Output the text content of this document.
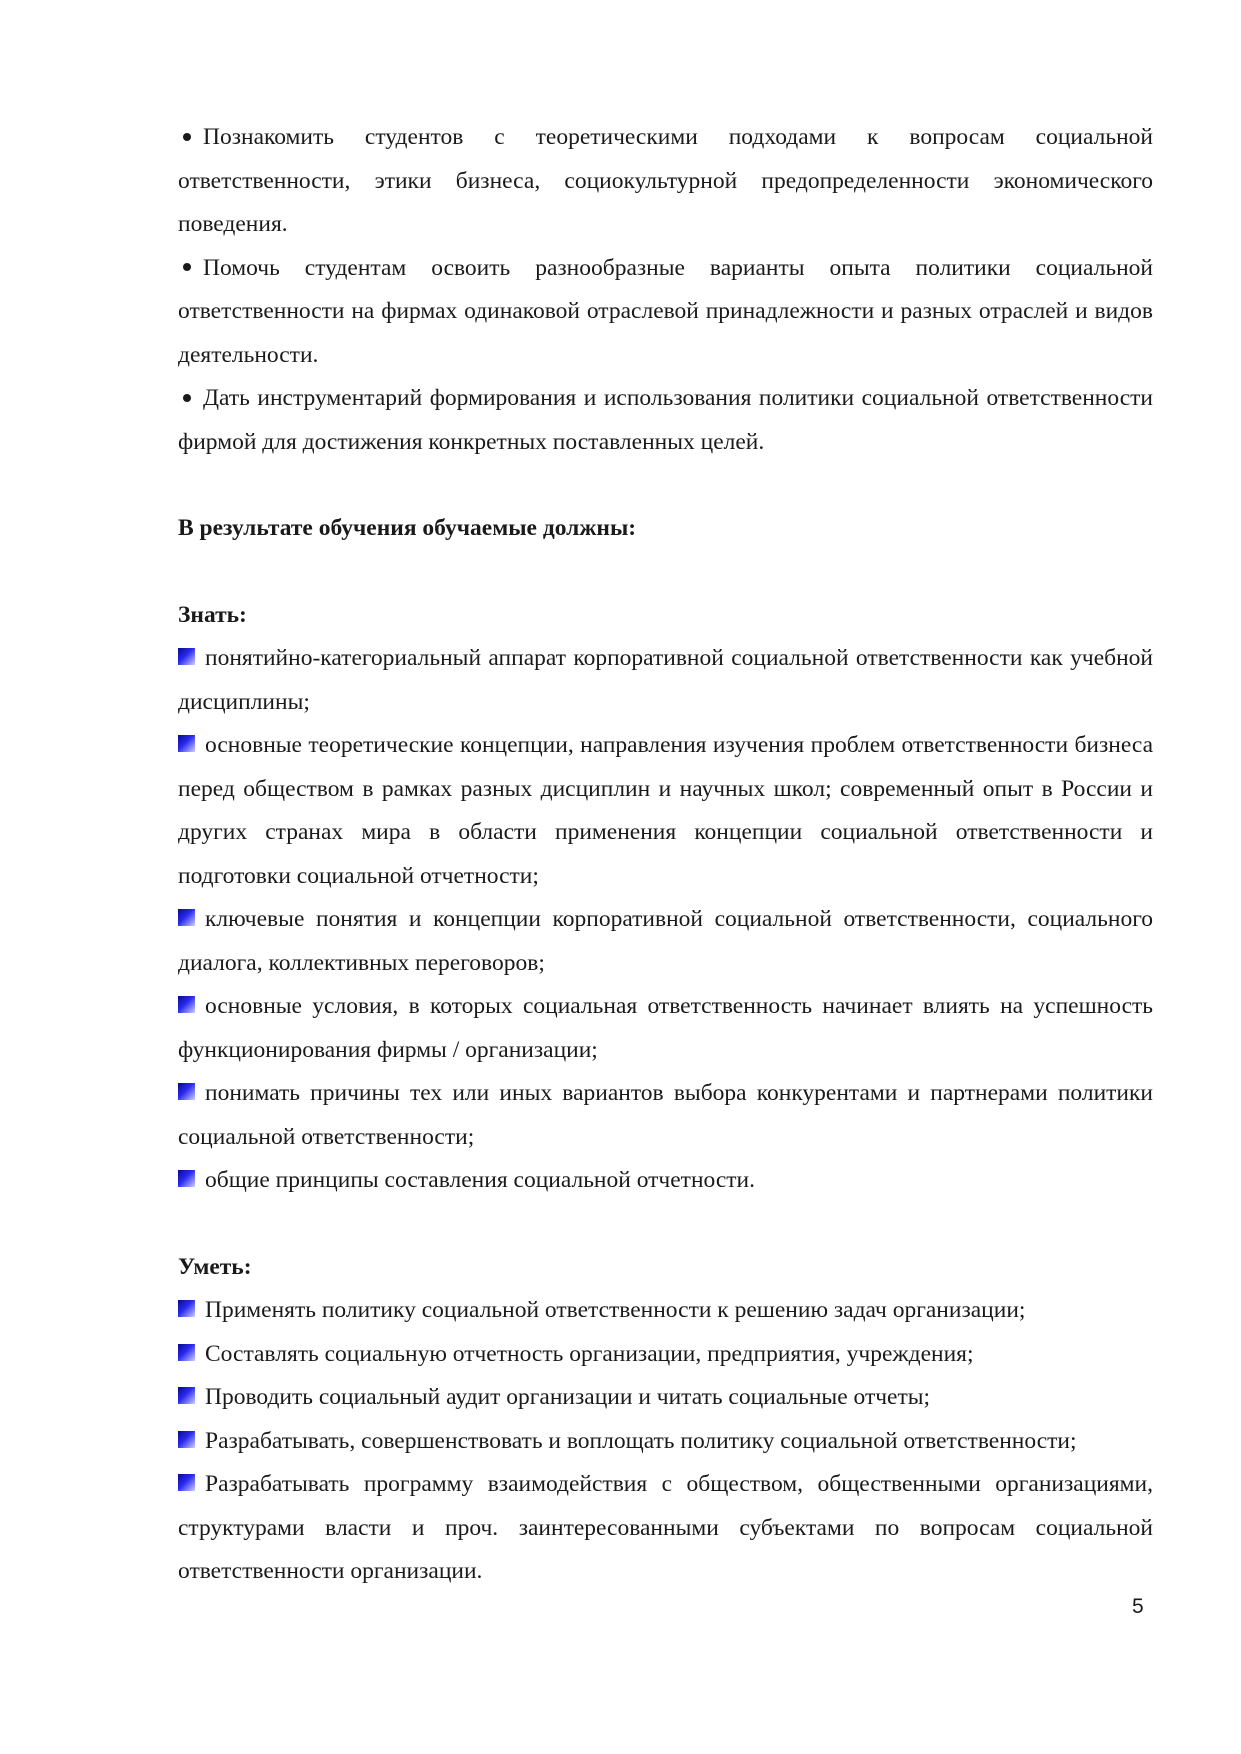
Познакомить студентов с теоретическими подходами к вопросам социальной ответственности, этики бизнеса, социокультурной предопределенности экономического поведения.

Помочь студентам освоить разнообразные варианты опыта политики социальной ответственности на фирмах одинаковой отраслевой принадлежности и разных отраслей и видов деятельности.

Дать инструментарий формирования и использования политики социальной ответственности фирмой для достижения конкретных поставленных целей.

В результате обучения обучаемые должны:

Знать:

понятийно-категориальный аппарат корпоративной социальной ответственности как учебной дисциплины;

основные теоретические концепции, направления изучения проблем ответственности бизнеса перед обществом в рамках разных дисциплин и научных школ; современный опыт в России и других странах мира в области применения концепции социальной ответственности и подготовки социальной отчетности;

ключевые понятия и концепции корпоративной социальной ответственности, социального диалога, коллективных переговоров;

основные условия, в которых социальная ответственность начинает влиять на успешность функционирования фирмы / организации;

понимать причины тех или иных вариантов выбора конкурентами и партнерами политики социальной ответственности;

общие принципы составления социальной отчетности.

Уметь:

Применять политику социальной ответственности к решению задач организации;

Составлять социальную отчетность организации, предприятия, учреждения;

Проводить социальный аудит организации и читать социальные отчеты;

Разрабатывать, совершенствовать и воплощать политику социальной ответственности;

Разрабатывать программу взаимодействия с обществом, общественными организациями, структурами власти и проч. заинтересованными субъектами по вопросам социальной ответственности организации.

5
